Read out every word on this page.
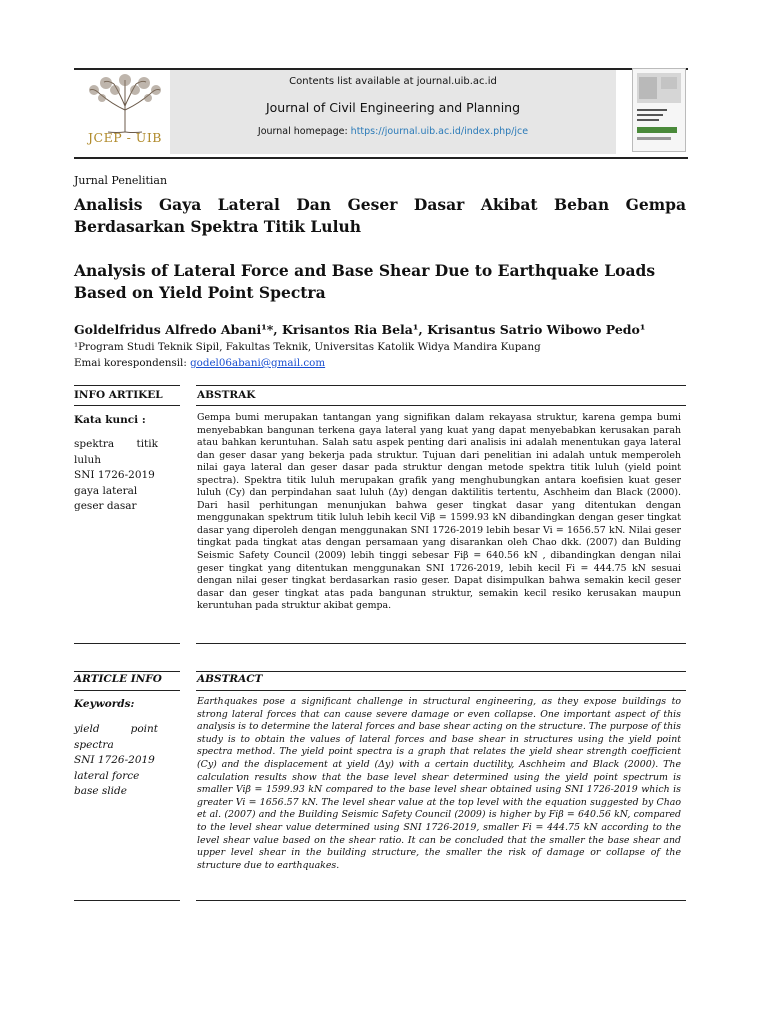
JCEP - UIB
Contents list available at journal.uib.ac.id
Journal of Civil Engineering and Planning
Journal homepage: https://journal.uib.ac.id/index.php/jce
Jurnal Penelitian
Analisis Gaya Lateral Dan Geser Dasar Akibat Beban Gempa Berdasarkan Spektra Titik Luluh
Analysis of Lateral Force and Base Shear Due to Earthquake Loads Based on Yield Point Spectra
Goldelfridus Alfredo Abani¹*, Krisantos Ria Bela¹, Krisantus Satrio Wibowo Pedo¹
¹Program Studi Teknik Sipil, Fakultas Teknik, Universitas Katolik Widya Mandira Kupang
Emai korespondensil: godel06abani@gmail.com
INFO ARTIKEL	ABSTRAK
Kata kunci :
spektra titik luluh
SNI 1726-2019
gaya lateral
geser dasar
Gempa bumi merupakan tantangan yang signifikan dalam rekayasa struktur, karena gempa bumi menyebabkan bangunan terkena gaya lateral yang kuat yang dapat menyebabkan kerusakan parah atau bahkan keruntuhan. Salah satu aspek penting dari analisis ini adalah menentukan gaya lateral dan geser dasar yang bekerja pada struktur. Tujuan dari penelitian ini adalah untuk memperoleh nilai gaya lateral dan geser dasar pada struktur dengan metode spektra titik luluh (yield point spectra). Spektra titik luluh merupakan grafik yang menghubungkan antara koefisien kuat geser luluh (Cy) dan perpindahan saat luluh (Δy) dengan daktilitis tertentu, Aschheim dan Black (2000). Dari hasil perhitungan menunjukan bahwa geser tingkat dasar yang ditentukan dengan menggunakan spektrum titik luluh lebih kecil Viβ = 1599.93 kN dibandingkan dengan geser tingkat dasar yang diperoleh dengan menggunakan SNI 1726-2019 lebih besar Vi = 1656.57 kN. Nilai geser tingkat pada tingkat atas dengan persamaan yang disarankan oleh Chao dkk. (2007) dan Bulding Seismic Safety Council (2009) lebih tinggi sebesar Fiβ = 640.56 kN , dibandingkan dengan nilai geser tingkat yang ditentukan menggunakan SNI 1726-2019, lebih kecil Fi = 444.75 kN sesuai dengan nilai geser tingkat berdasarkan rasio geser. Dapat disimpulkan bahwa semakin kecil geser dasar dan geser tingkat atas pada bangunan struktur, semakin kecil resiko kerusakan maupun keruntuhan pada struktur akibat gempa.
ARTICLE INFO	ABSTRACT
Keywords:
yield point spectra
SNI 1726-2019
lateral force
base slide
Earthquakes pose a significant challenge in structural engineering, as they expose buildings to strong lateral forces that can cause severe damage or even collapse. One important aspect of this analysis is to determine the lateral forces and base shear acting on the structure. The purpose of this study is to obtain the values of lateral forces and base shear in structures using the yield point spectra method. The yield point spectra is a graph that relates the yield shear strength coefficient (Cy) and the displacement at yield (Δy) with a certain ductility, Aschheim and Black (2000). The calculation results show that the base level shear determined using the yield point spectrum is smaller Viβ = 1599.93 kN compared to the base level shear obtained using SNI 1726-2019 which is greater Vi = 1656.57 kN. The level shear value at the top level with the equation suggested by Chao et al. (2007) and the Building Seismic Safety Council (2009) is higher by Fiβ = 640.56 kN, compared to the level shear value determined using SNI 1726-2019, smaller Fi = 444.75 kN according to the level shear value based on the shear ratio. It can be concluded that the smaller the base shear and upper level shear in the building structure, the smaller the risk of damage or collapse of the structure due to earthquakes.
